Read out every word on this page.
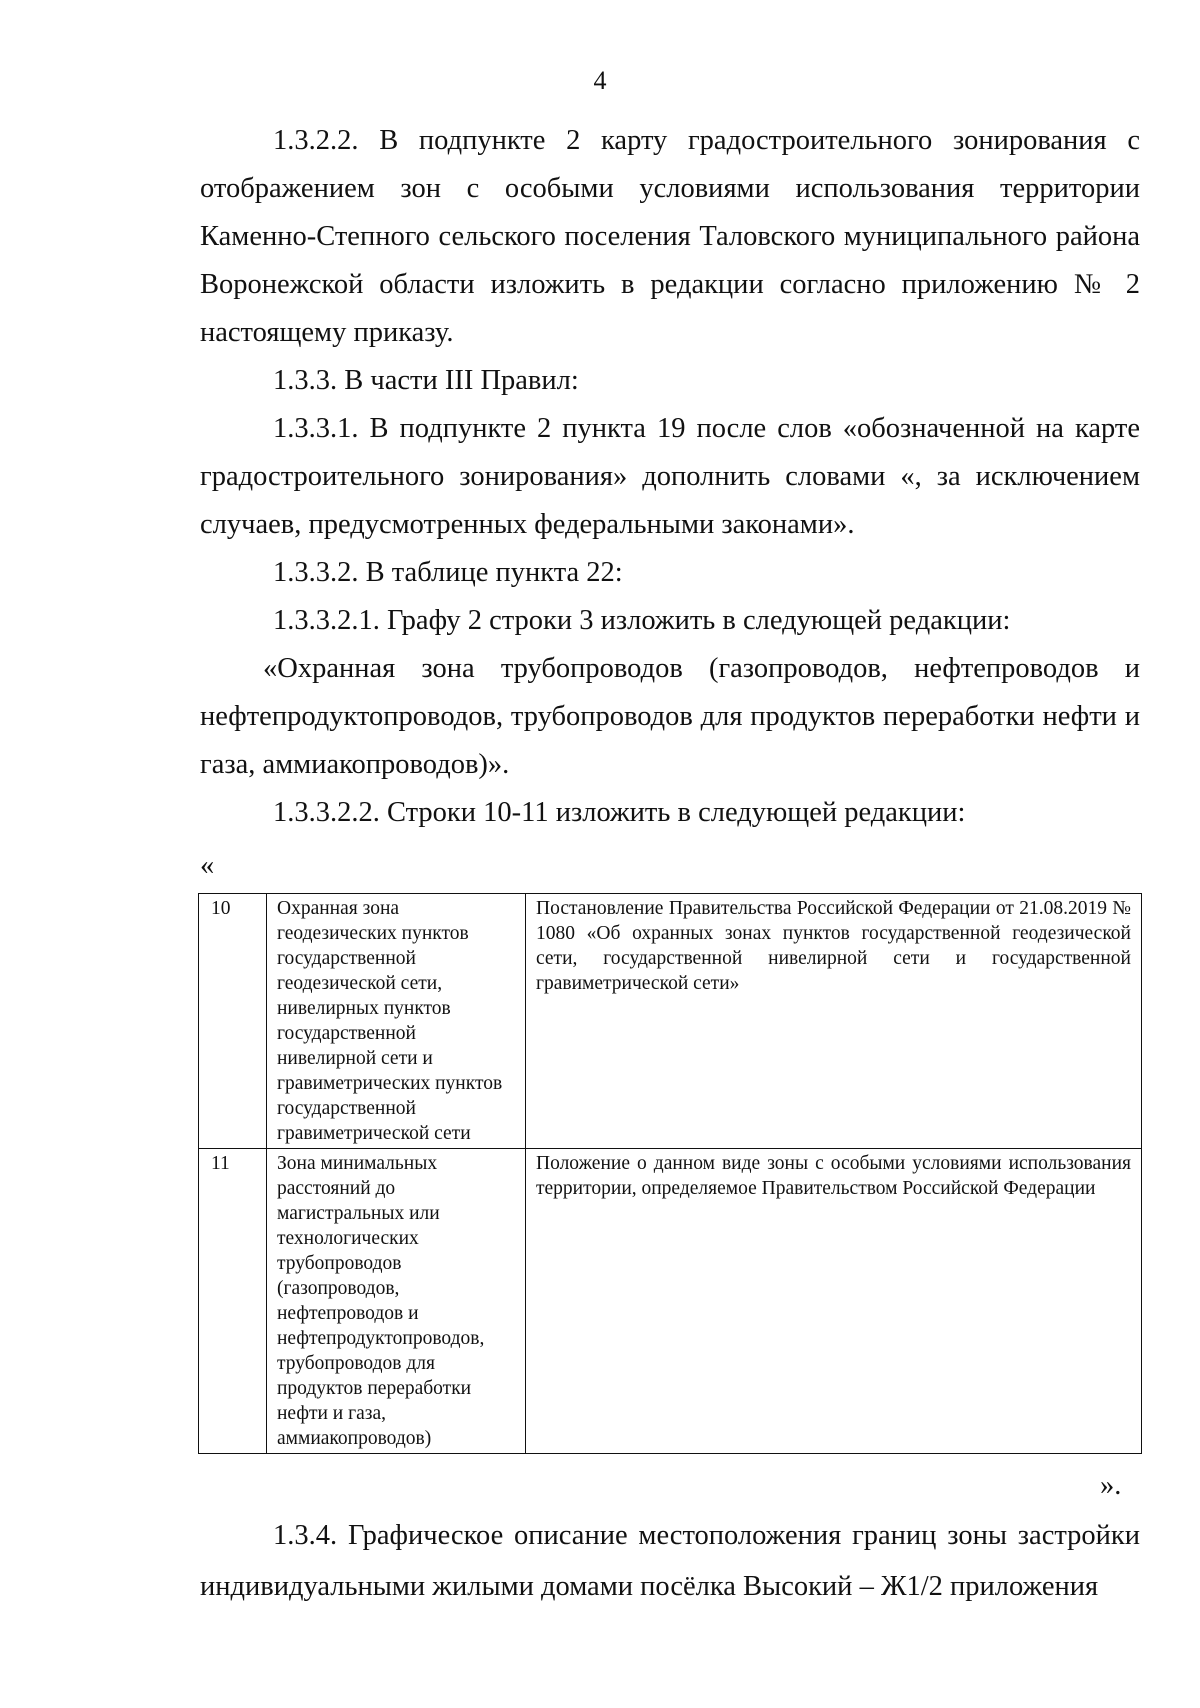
4

1.3.2.2. В подпункте 2 карту градостроительного зонирования с отображением зон с особыми условиями использования территории Каменно-Степного сельского поселения Таловского муниципального района Воронежской области изложить в редакции согласно приложению № 2 настоящему приказу.

1.3.3. В части III Правил:

1.3.3.1. В подпункте 2 пункта 19 после слов «обозначенной на карте градостроительного зонирования» дополнить словами «, за исключением случаев, предусмотренных федеральными законами».

1.3.3.2. В таблице пункта 22:

1.3.3.2.1. Графу 2 строки 3 изложить в следующей редакции:

«Охранная зона трубопроводов (газопроводов, нефтепроводов и нефтепродуктопроводов, трубопроводов для продуктов переработки нефти и газа, аммиакопроводов)».

1.3.3.2.2. Строки 10-11 изложить в следующей редакции:

«
10	Охранная зона геодезических пунктов государственной геодезической сети, нивелирных пунктов государственной нивелирной сети и гравиметрических пунктов государственной гравиметрической сети	Постановление Правительства Российской Федерации от 21.08.2019 № 1080 «Об охранных зонах пунктов государственной геодезической сети, государственной нивелирной сети и государственной гравиметрической сети»
11	Зона минимальных расстояний до магистральных или технологических трубопроводов (газопроводов, нефтепроводов и нефтепродуктопроводов, трубопроводов для продуктов переработки нефти и газа, аммиакопроводов)	Положение о данном виде зоны с особыми условиями использования территории, определяемое Правительством Российской Федерации
».

1.3.4. Графическое описание местоположения границ зоны застройки индивидуальными жилыми домами посёлка Высокий – Ж1/2 приложения
